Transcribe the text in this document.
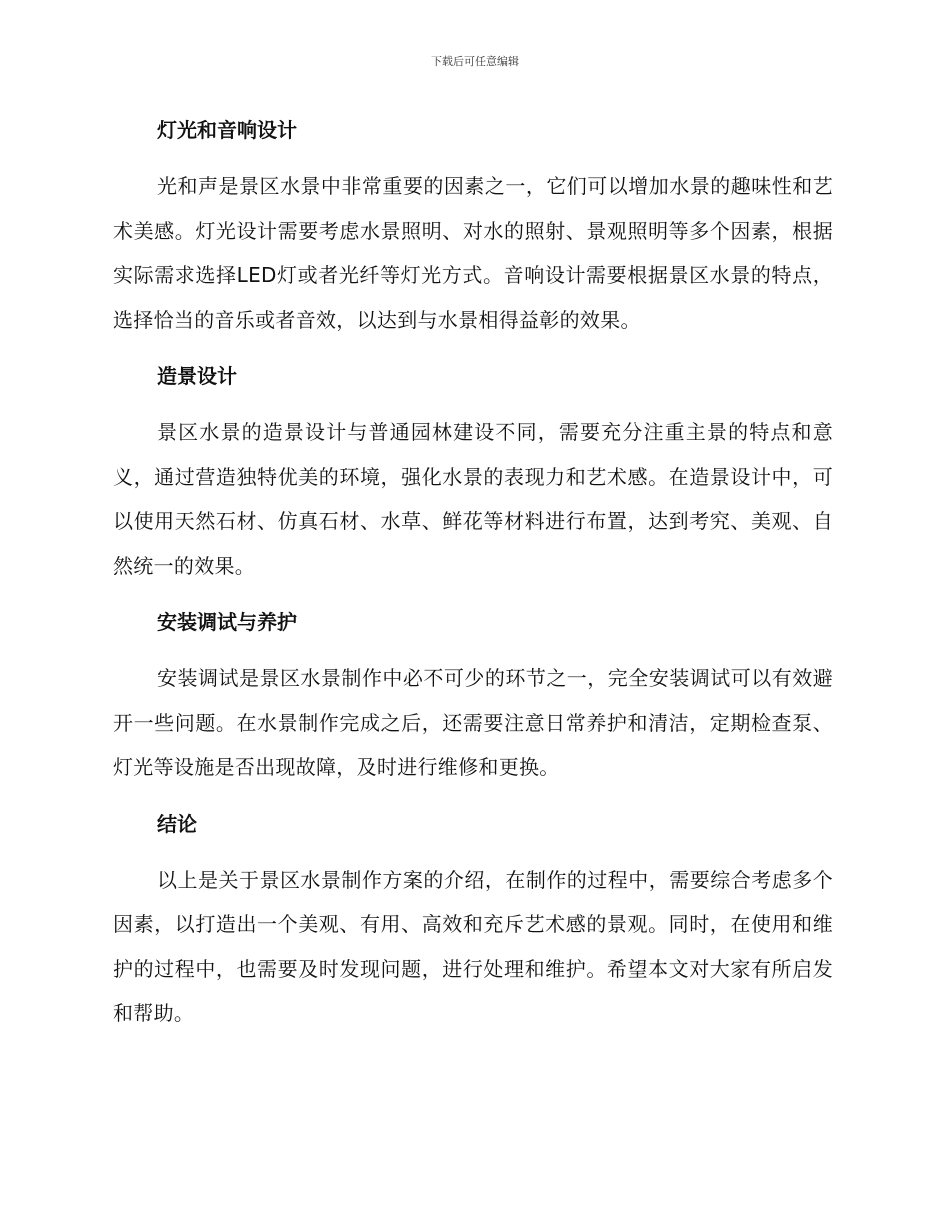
下载后可任意编辑
灯光和音响设计

光和声是景区水景中非常重要的因素之一，它们可以增加水景的趣味性和艺术美感。灯光设计需要考虑水景照明、对水的照射、景观照明等多个因素，根据实际需求选择LED灯或者光纤等灯光方式。音响设计需要根据景区水景的特点，选择恰当的音乐或者音效，以达到与水景相得益彰的效果。

造景设计

景区水景的造景设计与普通园林建设不同，需要充分注重主景的特点和意义，通过营造独特优美的环境，强化水景的表现力和艺术感。在造景设计中，可以使用天然石材、仿真石材、水草、鲜花等材料进行布置，达到考究、美观、自然统一的效果。

安装调试与养护

安装调试是景区水景制作中必不可少的环节之一，完全安装调试可以有效避开一些问题。在水景制作完成之后，还需要注意日常养护和清洁，定期检查泵、灯光等设施是否出现故障，及时进行维修和更换。

结论

以上是关于景区水景制作方案的介绍，在制作的过程中，需要综合考虑多个因素，以打造出一个美观、有用、高效和充斥艺术感的景观。同时，在使用和维护的过程中，也需要及时发现问题，进行处理和维护。希望本文对大家有所启发和帮助。
